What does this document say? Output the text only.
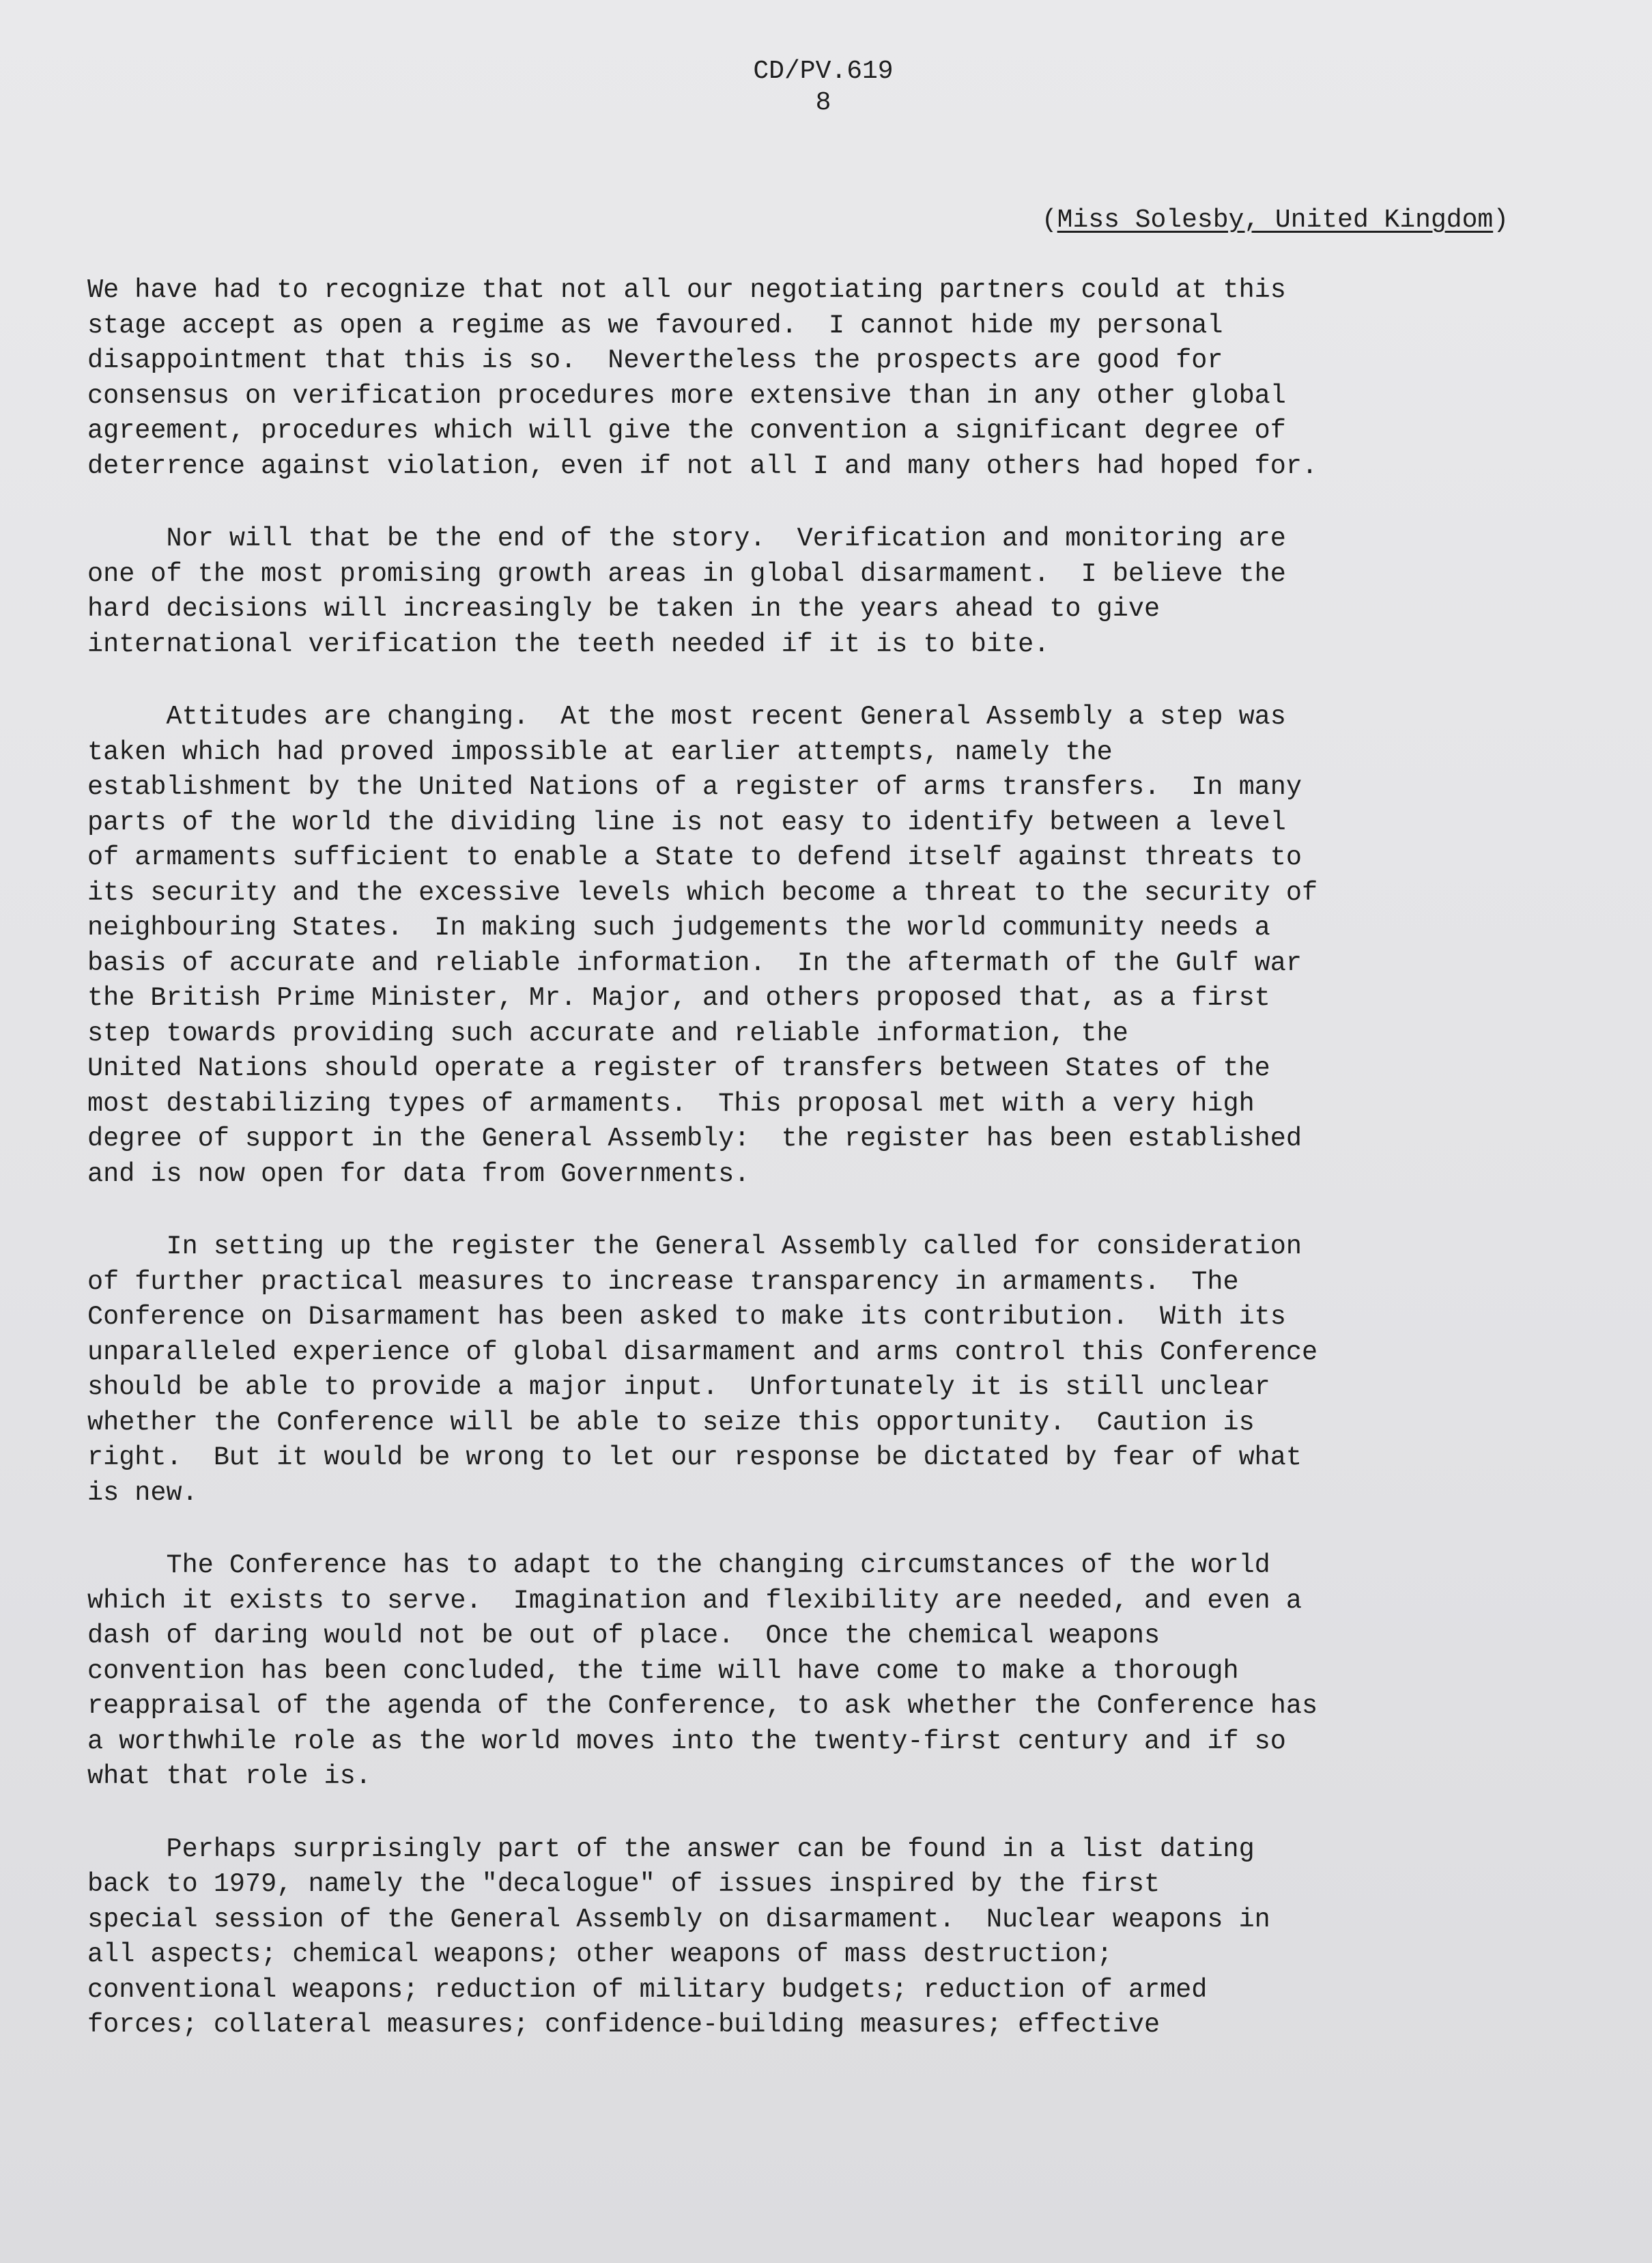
CD/PV.619
8
(Miss Solesby, United Kingdom)

We have had to recognize that not all our negotiating partners could at this
stage accept as open a regime as we favoured.  I cannot hide my personal
disappointment that this is so.  Nevertheless the prospects are good for
consensus on verification procedures more extensive than in any other global
agreement, procedures which will give the convention a significant degree of
deterrence against violation, even if not all I and many others had hoped for.

Nor will that be the end of the story.  Verification and monitoring are
one of the most promising growth areas in global disarmament.  I believe the
hard decisions will increasingly be taken in the years ahead to give
international verification the teeth needed if it is to bite.

Attitudes are changing.  At the most recent General Assembly a step was
taken which had proved impossible at earlier attempts, namely the
establishment by the United Nations of a register of arms transfers.  In many
parts of the world the dividing line is not easy to identify between a level
of armaments sufficient to enable a State to defend itself against threats to
its security and the excessive levels which become a threat to the security of
neighbouring States.  In making such judgements the world community needs a
basis of accurate and reliable information.  In the aftermath of the Gulf war
the British Prime Minister, Mr. Major, and others proposed that, as a first
step towards providing such accurate and reliable information, the
United Nations should operate a register of transfers between States of the
most destabilizing types of armaments.  This proposal met with a very high
degree of support in the General Assembly:  the register has been established
and is now open for data from Governments.

In setting up the register the General Assembly called for consideration
of further practical measures to increase transparency in armaments.  The
Conference on Disarmament has been asked to make its contribution.  With its
unparalleled experience of global disarmament and arms control this Conference
should be able to provide a major input.  Unfortunately it is still unclear
whether the Conference will be able to seize this opportunity.  Caution is
right.  But it would be wrong to let our response be dictated by fear of what
is new.

The Conference has to adapt to the changing circumstances of the world
which it exists to serve.  Imagination and flexibility are needed, and even a
dash of daring would not be out of place.  Once the chemical weapons
convention has been concluded, the time will have come to make a thorough
reappraisal of the agenda of the Conference, to ask whether the Conference has
a worthwhile role as the world moves into the twenty-first century and if so
what that role is.

Perhaps surprisingly part of the answer can be found in a list dating
back to 1979, namely the "decalogue" of issues inspired by the first
special session of the General Assembly on disarmament.  Nuclear weapons in
all aspects; chemical weapons; other weapons of mass destruction;
conventional weapons; reduction of military budgets; reduction of armed
forces; collateral measures; confidence-building measures; effective
